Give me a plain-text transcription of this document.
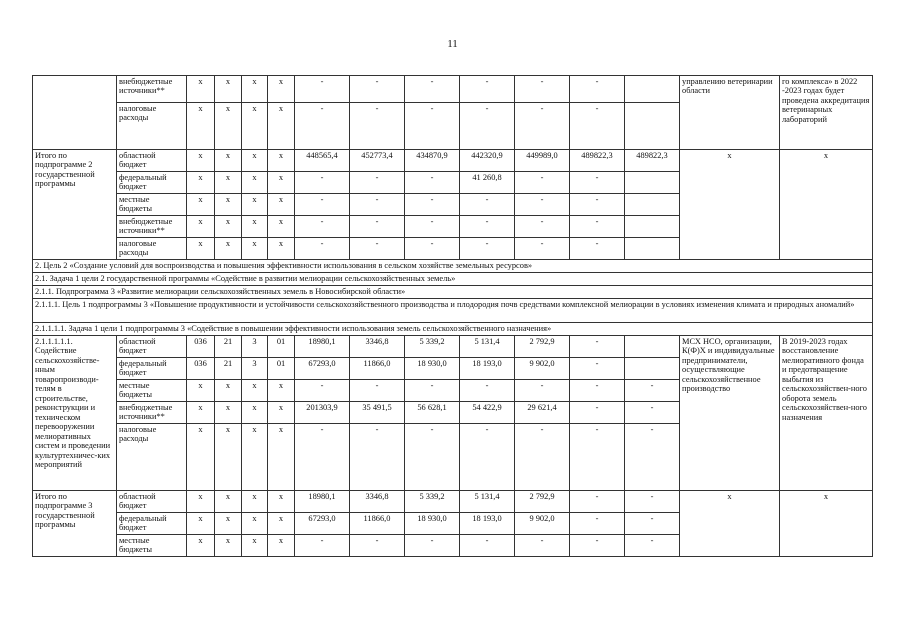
11
	внебюджетные источники**	x	x	x	x	-	-	-	-	-	-		управлению ветеринарии области	го комплекса» в 2022 -2023 годах будет проведена аккредитация ветеринарных лабораторий
	налоговые расходы	x	x	x	x	-	-	-	-	-	-			
Итого по подпрограмме 2 государственной программы	областной бюджет	x	x	x	x	448565,4	452773,4	434870,9	442320,9	449989,0	489822,3	489822,3	x	x
	федеральный бюджет	x	x	x	x	-	-	-	41 260,8	-	-			
	местные бюджеты	x	x	x	x	-	-	-	-	-	-			
	внебюджетные источники**	x	x	x	x	-	-	-	-	-	-			
	налоговые расходы	x	x	x	x	-	-	-	-	-	-			
2. Цель 2 «Создание условий для воспроизводства и повышения эффективности использования в сельском хозяйстве земельных ресурсов»														
2.1. Задача 1 цели 2 государственной программы «Содействие в развитии мелиорации сельскохозяйственных земель»														
2.1.1. Подпрограмма 3 «Развитие мелиорации сельскохозяйственных земель в Новосибирской области»														
2.1.1.1. Цель 1 подпрограммы 3 «Повышение продуктивности и устойчивости сельскохозяйственного производства и плодородия почв средствами комплексной мелиорации в условиях изменения климата и природных аномалий»														
2.1.1.1.1. Задача 1 цели 1 подпрограммы 3 «Содействие в повышении эффективности использования земель сельскохозяйственного назначения»														
2.1.1.1.1.1. Содействие сельскохозяйстве-нным товаропроизводи-телям в строительстве, реконструкции и техническом перевооружении мелиоративных систем и проведении культуртехничес-ких мероприятий	областной бюджет	036	21	3	01	18980,1	3346,8	5 339,2	5 131,4	2 792,9	-		МСХ НСО, организации, К(Ф)Х и индивидуальные предприниматели, осуществляющие сельскохозяйственное производство	В 2019-2023 годах восстановление мелиоративного фонда и предотвращение выбытия из сельскохозяйствен-ного оборота земель сельскохозяйствен-ного назначения
	федеральный бюджет	036	21	3	01	67293,0	11866,0	18 930,0	18 193,0	9 902,0	-			
	местные бюджеты	x	x	x	x	-	-	-	-	-	-	-		
	внебюджетные источники**	x	x	x	x	201303,9	35 491,5	56 628,1	54 422,9	29 621,4	-	-		
	налоговые расходы	x	x	x	x	-	-	-	-	-	-	-		
Итого по подпрограмме 3 государственной программы	областной бюджет	x	x	x	x	18980,1	3346,8	5 339,2	5 131,4	2 792,9	-	-	x	x
	федеральный бюджет	x	x	x	x	67293,0	11866,0	18 930,0	18 193,0	9 902,0	-	-		
	местные бюджеты	x	x	x	x	-	-	-	-	-	-	-		
